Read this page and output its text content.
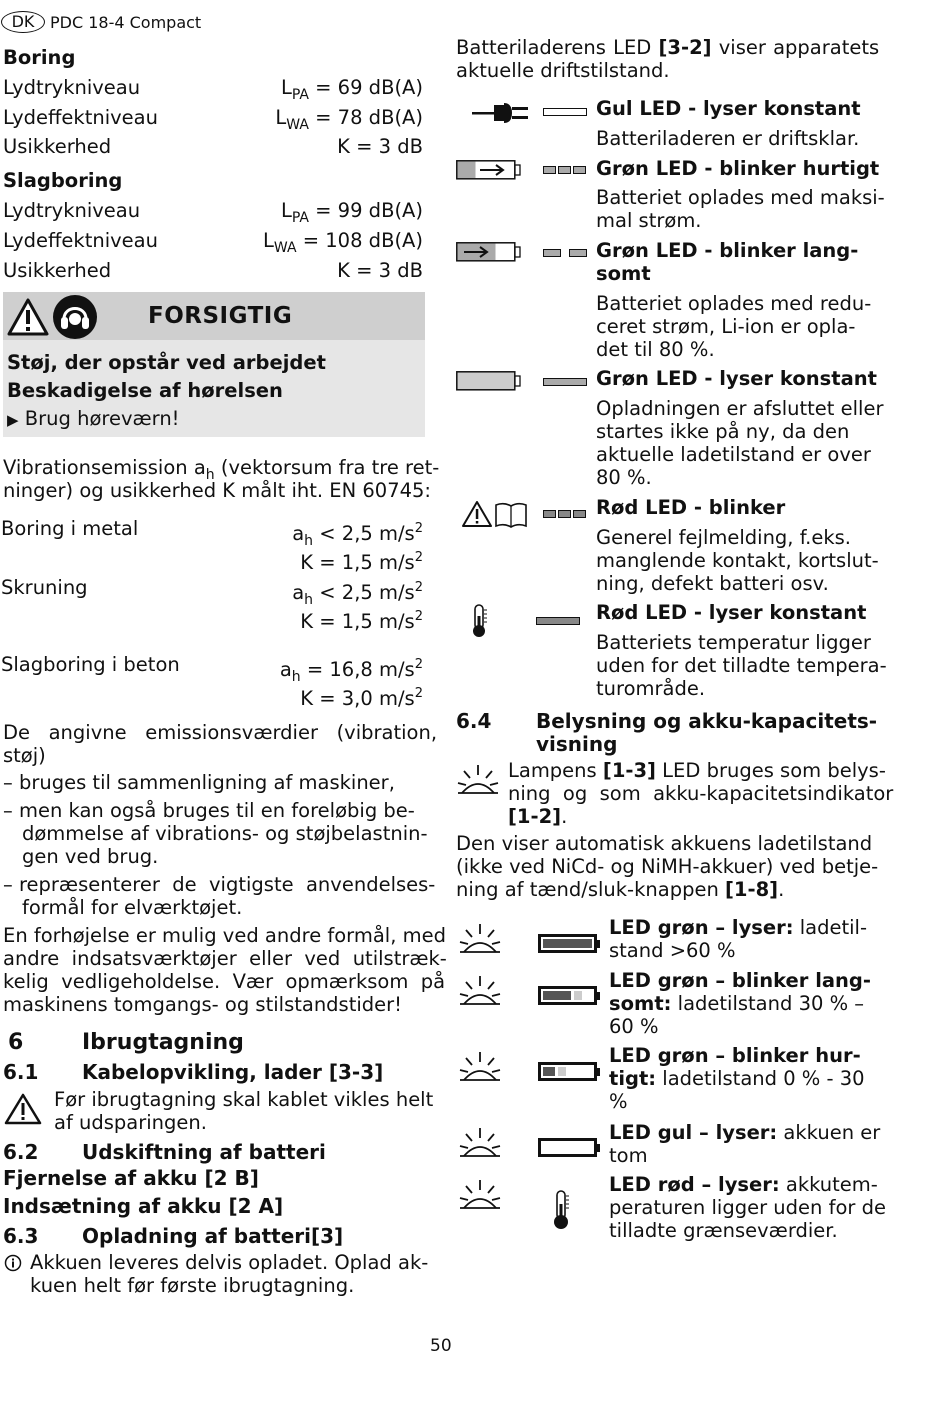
DK PDC 18-4 Compact
Boring
Lydtrykniveau	$L_{PA} = 69$ dB(A)
Lydeffektniveau	$L_{WA} = 78$ dB(A)
Usikkerhed	K = 3 dB
Slagboring
Lydtrykniveau	$L_{PA} = 99$ dB(A)
Lydeffektniveau	$L_{WA} = 108$ dB(A)
Usikkerhed	K = 3 dB
FORSIGTIG
Støj, der opstår ved arbejdet
Beskadigelse af hørelsen
▶ Brug høreværn!
Vibrationsemission $a_h$ (vektorsum fra tre ret-
ninger) og usikkerhed K målt iht. EN 60745:
Boring i metal	$a_h < 2,5$ $m/s^2$
K = 1,5 $m/s^2$
Skruning	$a_h < 2,5$ $m/s^2$
K = 1,5 $m/s^2$
Slagboring i beton	$a_h = 16,8$ $m/s^2$
K = 3,0 $m/s^2$
De   angivne   emissionsværdier   (vibration,
støj)
– bruges til sammenligning af maskiner,
– men kan også bruges til en foreløbig be-
dømmelse af vibrations- og støjbelastnin-
gen ved brug.
– repræsenterer  de  vigtigste  anvendelses-
formål for elværktøjet.
En forhøjelse er mulig ved andre formål, med
andre  indsatsværktøjer  eller  ved  utilstræk-
kelig  vedligeholdelse.  Vær  opmærksom  på
maskinens tomgangs- og stilstandstider!
6	Ibrugtagning
6.1 Kabelopvikling, lader [3-3]
Før ibrugtagning skal kablet vikles helt
af udsparingen.
6.2 Udskiftning af batteri
Fjernelse af akku [2 B]
Indsætning af akku [2 A]
6.3 Opladning af batteri[3]
Akkuen leveres delvis opladet. Oplad ak-
kuen helt før første ibrugtagning.
Batteriladerens LED [3-2] viser apparatets
aktuelle driftstilstand.
Gul LED - lyser konstant
Batteriladeren er driftsklar.
Grøn LED - blinker hurtigt
Batteriet oplades med maksi-
mal strøm.
Grøn LED - blinker lang-
somt
Batteriet oplades med redu-
ceret strøm, Li-ion er opla-
det til 80 %.
Grøn LED - lyser konstant
Opladningen er afsluttet eller
startes ikke på ny, da den
aktuelle ladetilstand er over
80 %.
Rød LED - blinker
Generel fejlmelding, f.eks.
manglende kontakt, kortslut-
ning, defekt batteri osv.
Rød LED - lyser konstant
Batteriets temperatur ligger
uden for det tilladte tempera-
turområde.
6.4 Belysning og akku-kapacitets-
visning
Lampens [1-3] LED bruges som belys-
ning  og  som  akku-kapacitetsindikator
[1-2].
Den viser automatisk akkuens ladetilstand
(ikke ved NiCd- og NiMH-akkuer) ved betje-
ning af tænd/sluk-knappen [1-8].
LED grøn – lyser: ladetil-
stand >60 %
LED grøn – blinker lang-
somt: ladetilstand 30 % –
60 %
LED grøn – blinker hur-
tigt: ladetilstand 0 % - 30
%
LED gul – lyser: akkuen er
tom
LED rød – lyser: akkutem-
peraturen ligger uden for de
tilladte grænseværdier.
50
